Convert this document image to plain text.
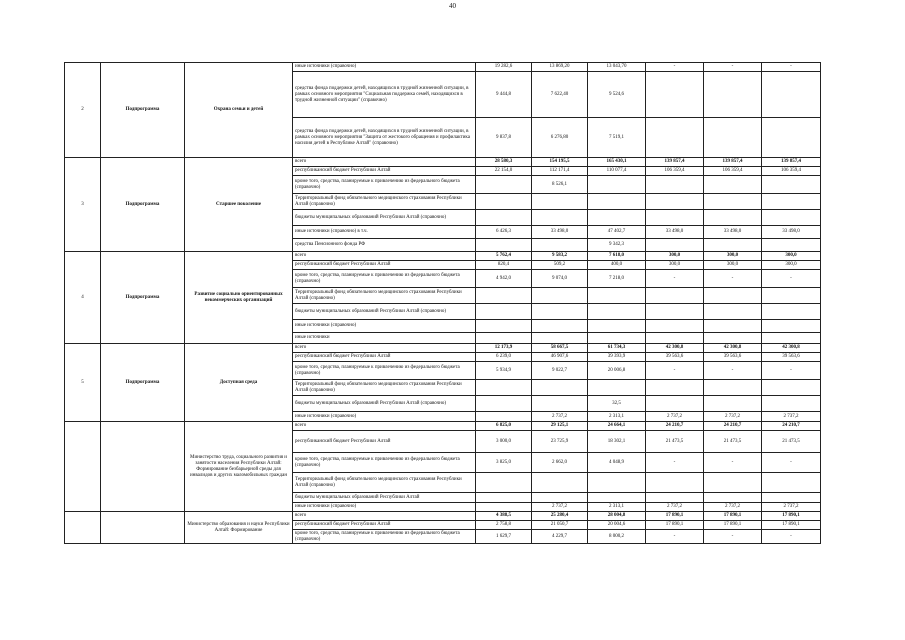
40
2	Подпрограмма	Охрана семьи и детей	иные источники (справочно)	19 282,6	13 869,20	13 043,70	-	-	-
			средства фонда поддержки детей, находящихся в трудной жизненной ситуации, в рамках основного мероприятия "Социальная поддержка семей, находящихся в трудной жизненной ситуации" (справочно)	9 444,8	7 622,40	9 524,6			
			средства фонда поддержки детей, находящихся в трудной жизненной ситуации, в рамках основного мероприятия "Защита от жестокого обращения и профилактика насилия детей в Республике Алтай" (справочно)	9 837,8	6 276,80	7 519,1			
3	Подпрограмма	Старшее поколение	всего	28 580,3	154 195,5	165 430,1	139 857,4	139 857,4	139 857,4
			республиканский бюджет Республики Алтай	22 154,0	112 171,4	110 077,4	106 359,4	106 359,4	106 359,4
			кроме того, средства, планируемые к привлечению из федерального бюджета (справочно)		8 526,1				
			Территориальный фонд обязательного медицинского страхования Республики Алтай (справочно)						
			бюджеты муниципальных образований Республики Алтай (справочно)						
			иные источники (справочно) в т.ч.	6 426,3	33 498,0	47 402,7	33 498,0	33 498,0	33 498,0
			средства Пенсионного фонда РФ			9 342,3			
4	Подпрограмма	Развитие социально ориентированных некоммерческих организаций	всего	5 762,4	9 583,2	7 618,0	300,0	300,0	300,0
			республиканский бюджет Республики Алтай	820,4	509,2	400,0	300,0	300,0	300,0
			кроме того, средства, планируемые к привлечению из федерального бюджета (справочно)	4 942,0	9 074,0	7 218,0	-	-	-
			Территориальный фонд обязательного медицинского страхования Республики Алтай (справочно)						
			бюджеты муниципальных образований Республики Алтай (справочно)						
			иные источники (справочно)						
			иные источники						
5	Подпрограмма	Доступная среда	всего	12 173,9	58 667,5	61 734,3	42 300,8	42 300,8	42 300,8
			республиканский бюджет Республики Алтай	6 239,0	46 907,6	39 393,9	39 563,6	39 563,6	39 563,6
			кроме того, средства, планируемые к привлечению из федерального бюджета (справочно)	5 934,9	9 022,7	20 006,8	-	-	-
			Территориальный фонд обязательного медицинского страхования Республики Алтай (справочно)						
			бюджеты муниципальных образований Республики Алтай (справочно)			32,5			
			иные источники (справочно)		2 737,2	2 313,1	2 737,2	2 737,2	2 737,2
		Министерство труда, социального развития и занятости населения Республики Алтай: Формирование безбарьерной среды для инвалидов и других маломобильных граждан	всего	6 825,0	29 125,1	24 664,1	24 210,7	24 210,7	24 210,7
			республиканский бюджет Республики Алтай	3 000,0	23 725,9	18 302,1	21 473,5	21 473,5	21 473,5
			кроме того, средства, планируемые к привлечению из федерального бюджета (справочно)	3 825,0	2 662,0	4 048,9	-	-	-
			Территориальный фонд обязательного медицинского страхования Республики Алтай (справочно)						
			бюджеты муниципальных образований Республики Алтай						
			иные источники (справочно)		2 737,2	2 313,1	2 737,2	2 737,2	2 737,2
		Министерство образования и науки Республики Алтай: Формирование	всего	4 388,5	25 280,4	28 004,8	17 890,1	17 890,1	17 890,1
			республиканский бюджет Республики Алтай	2 758,8	21 050,7	20 004,6	17 890,1	17 890,1	17 890,1
			кроме того, средства, планируемые к привлечению из федерального бюджета (справочно)	1 629,7	4 229,7	8 000,2	-	-	-
